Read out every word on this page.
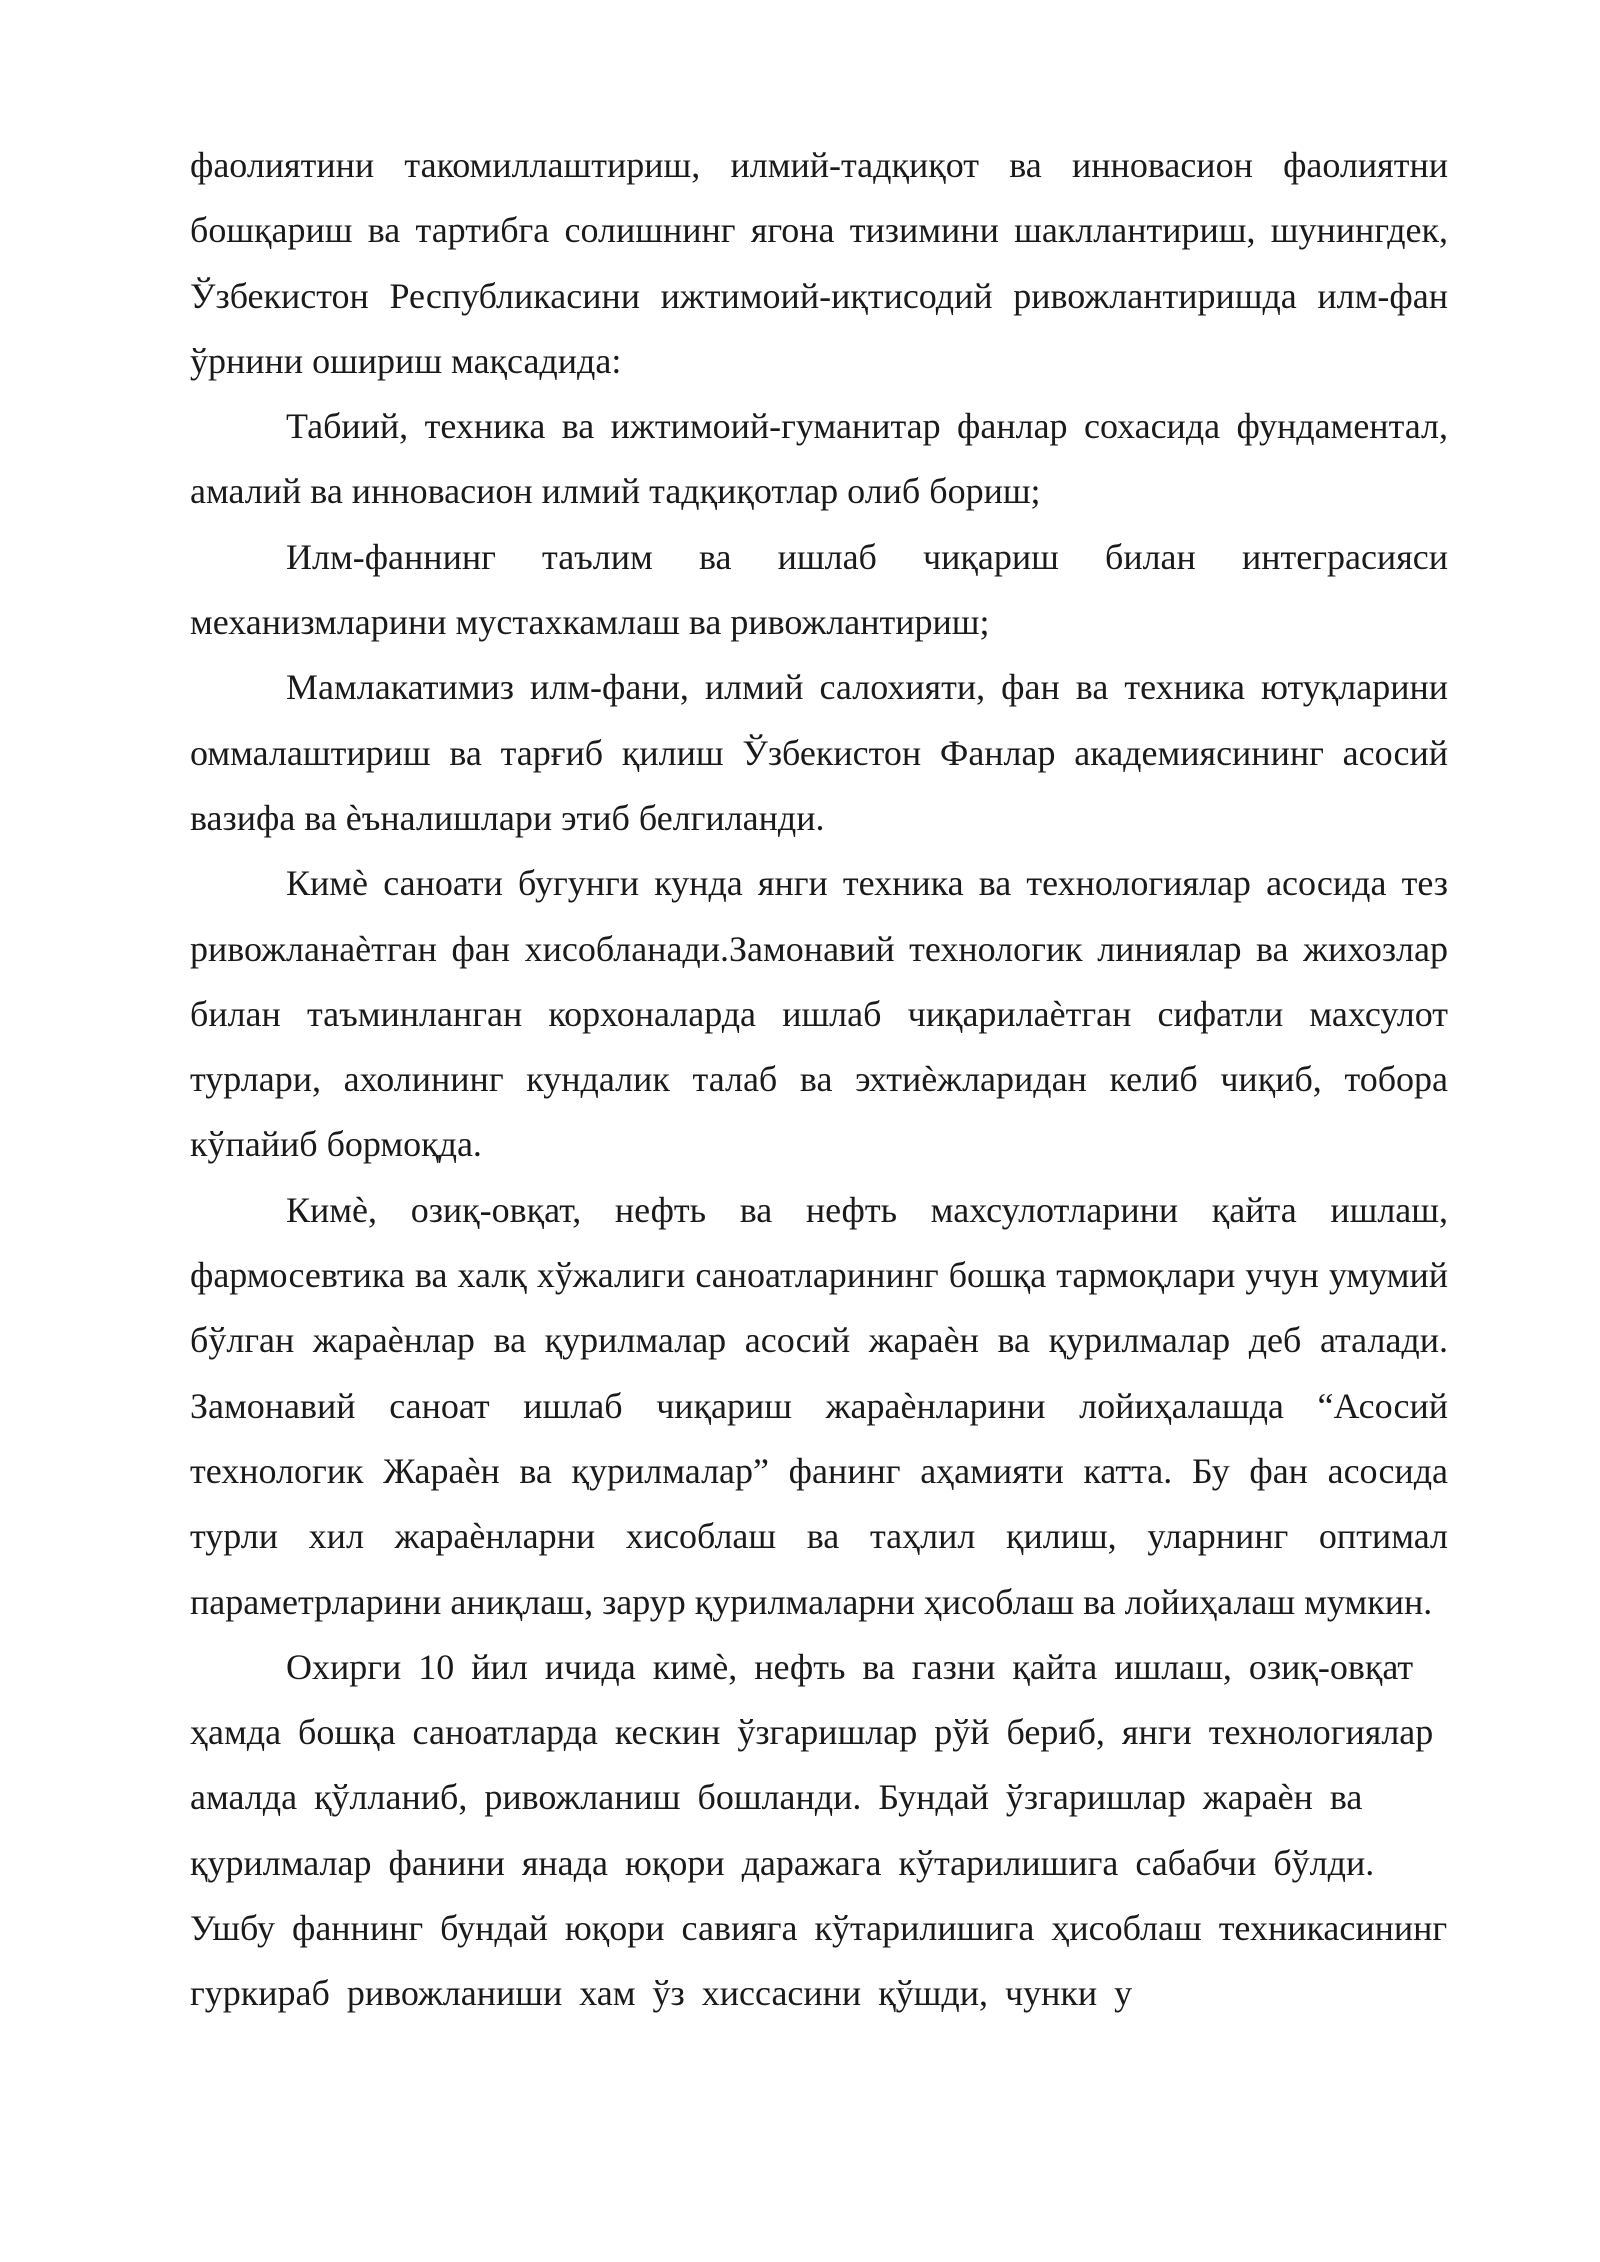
фаолиятини такомиллаштириш, илмий-тадқиқот ва инновасион фаолиятни бошқариш ва тартибга солишнинг ягона тизимини шакллантириш, шунингдек, Ўзбекистон Республикасини ижтимоий-иқтисодий ривожлантиришда илм-фан ўрнини ошириш мақсадида:

Табиий, техника ва ижтимоий-гуманитар фанлар сохасида фундаментал, амалий ва инновасион илмий тадқиқотлар олиб бориш;

Илм-фаннинг таълим ва ишлаб чиқариш билан интеграсияси механизмларини мустахкамлаш ва ривожлантириш;

Мамлакатимиз илм-фани, илмий салохияти, фан ва техника ютуқларини оммалаштириш ва тарғиб қилиш Ўзбекистон Фанлар академиясининг асосий вазифа ва ѐъналишлари этиб белгиланди.

Кимѐ саноати бугунги кунда янги техника ва технологиялар асосида тез ривожланаѐтган фан хисобланади.Замонавий технологик линиялар ва жихозлар билан таъминланган корхоналарда ишлаб чиқарилаѐтган сифатли махсулот турлари, ахолининг кундалик талаб ва эхтиѐжларидан келиб чиқиб, тобора кўпайиб бормоқда.

Кимѐ, озиқ-овқат, нефть ва нефть махсулотларини қайта ишлаш, фармосевтика ва халқ хўжалиги саноатларининг бошқа тармоқлари учун умумий бўлган жараѐнлар ва қурилмалар асосий жараѐн ва қурилмалар деб аталади. Замонавий саноат ишлаб чиқариш жараѐнларини лойиҳалашда “Асосий технологик Жараѐн ва қурилмалар” фанинг аҳамияти катта. Бу фан асосида турли хил жараѐнларни хисоблаш ва таҳлил қилиш, уларнинг оптимал параметрларини аниқлаш, зарур қурилмаларни ҳисоблаш ва лойиҳалаш мумкин.

Охирги 10 йил ичида кимѐ, нефть ва газни қайта ишлаш, озиқ-овқат ҳамда бошқа саноатларда кескин ўзгаришлар рўй бериб, янги технологиялар амалда қўлланиб, ривожланиш бошланди. Бундай ўзгаришлар жараѐн ва қурилмалар фанини янада юқори даражага кўтарилишига сабабчи бўлди. Ушбу фаннинг бундай юқори савияга кўтарилишига ҳисоблаш техникасининг гуркираб ривожланиши хам ўз хиссасини қўшди, чунки у
